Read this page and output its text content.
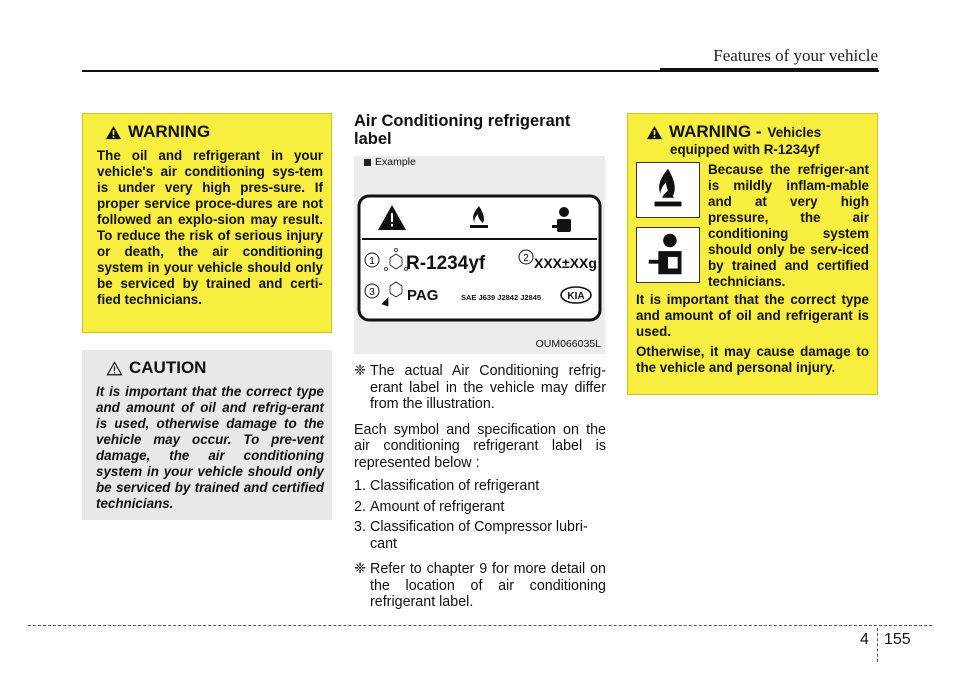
Features of your vehicle
WARNING
The oil and refrigerant in your vehicle's air conditioning sys-tem is under very high pres-sure. If proper service proce-dures are not followed an explo-sion may result. To reduce the risk of serious injury or death, the air conditioning system in your vehicle should only be serviced by trained and certi-fied technicians.
CAUTION
It is important that the correct type and amount of oil and refrig-erant is used, otherwise damage to the vehicle may occur. To pre-vent damage, the air conditioning system in your vehicle should only be serviced by trained and certified technicians.
Air Conditioning refrigerant label
Example
1 R-1234yf	2 XXX±XXg
3 PAG	SAE J639 J2842 J2845	KIA
OUM066035L
❈ The actual Air Conditioning refrig-erant label in the vehicle may differ from the illustration.
Each symbol and specification on the air conditioning refrigerant label is represented below :
1. Classification of refrigerant
2. Amount of refrigerant
3. Classification of Compressor lubri-cant
❈ Refer to chapter 9 for more detail on the location of air conditioning refrigerant label.
WARNING - Vehicles
equipped with R-1234yf

Because the refriger-ant is mildly inflam-mable and at very high pressure, the air conditioning system should only be serv-iced by trained and certified technicians.
It is important that the correct type and amount of oil and refrigerant is used.
Otherwise, it may cause damage to the vehicle and personal injury.
4 155
